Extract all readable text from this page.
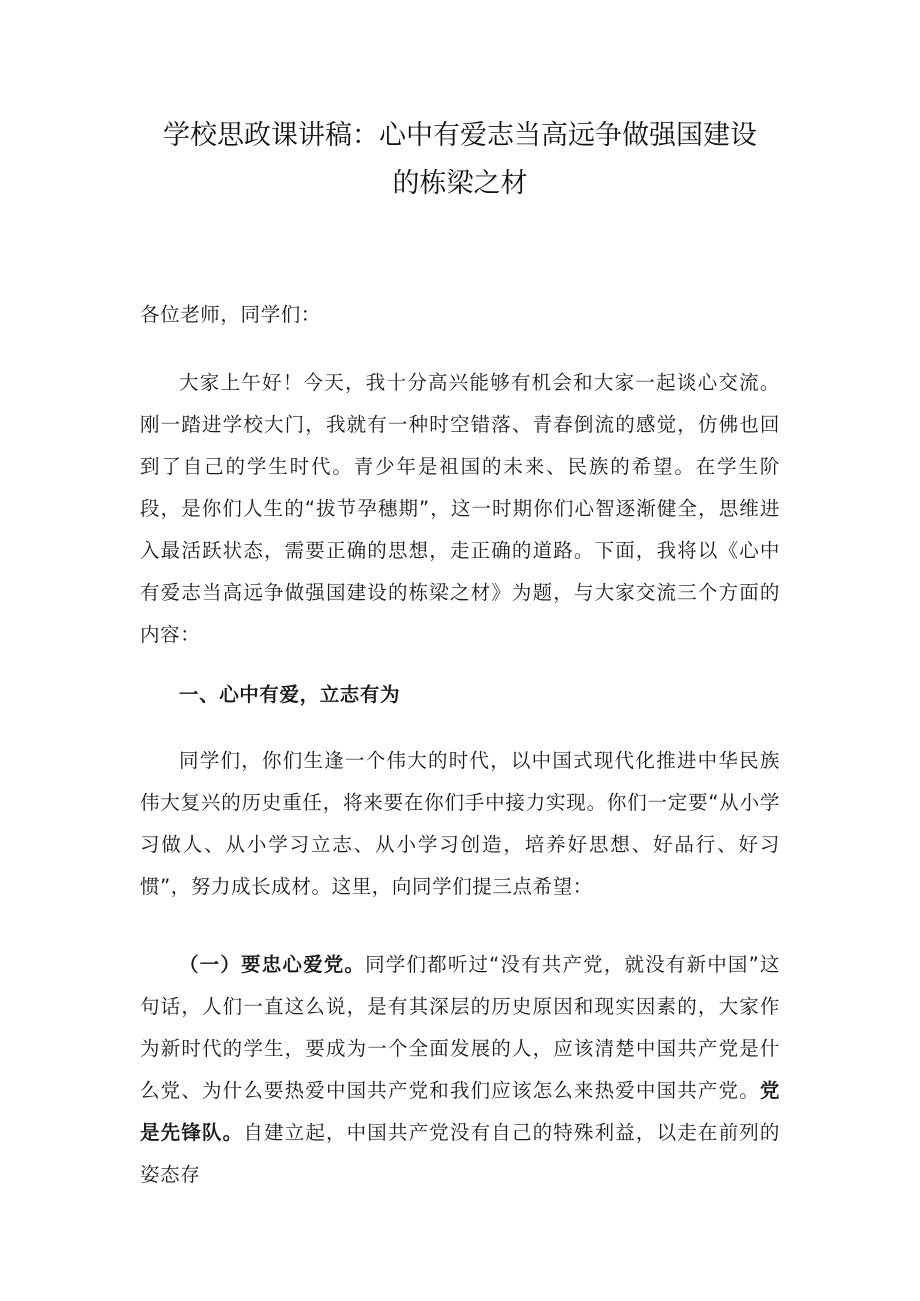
学校思政课讲稿：心中有爱志当高远争做强国建设
的栋梁之材

各位老师，同学们：

大家上午好！今天，我十分高兴能够有机会和大家一起谈心交流。刚一踏进学校大门，我就有一种时空错落、青春倒流的感觉，仿佛也回到了自己的学生时代。青少年是祖国的未来、民族的希望。在学生阶段，是你们人生的“拔节孕穗期”，这一时期你们心智逐渐健全，思维进入最活跃状态，需要正确的思想，走正确的道路。下面，我将以《心中有爱志当高远争做强国建设的栋梁之材》为题，与大家交流三个方面的内容：

一、心中有爱，立志有为

同学们，你们生逢一个伟大的时代，以中国式现代化推进中华民族伟大复兴的历史重任，将来要在你们手中接力实现。你们一定要“从小学习做人、从小学习立志、从小学习创造，培养好思想、好品行、好习惯”，努力成长成材。这里，向同学们提三点希望：

（一）要忠心爱党。同学们都听过“没有共产党，就没有新中国”这句话，人们一直这么说，是有其深层的历史原因和现实因素的，大家作为新时代的学生，要成为一个全面发展的人，应该清楚中国共产党是什么党、为什么要热爱中国共产党和我们应该怎么来热爱中国共产党。党是先锋队。自建立起，中国共产党没有自己的特殊利益，以走在前列的姿态存
